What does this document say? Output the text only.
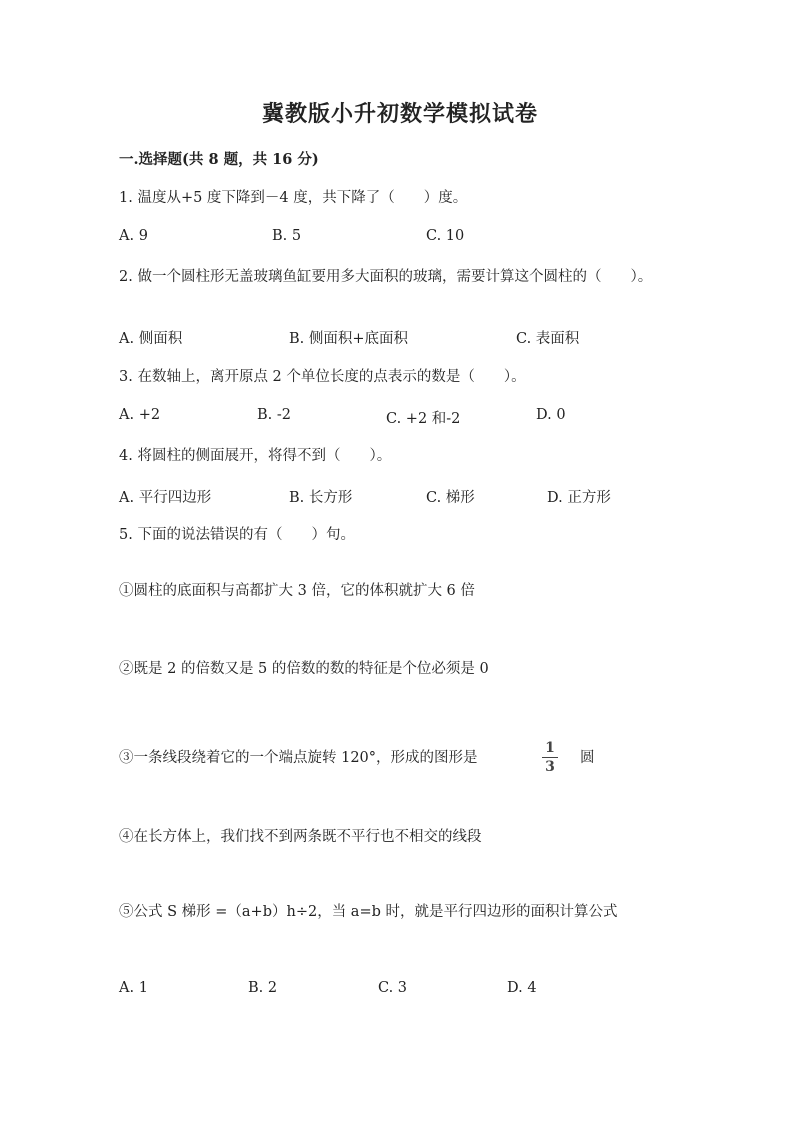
冀教版小升初数学模拟试卷
一.选择题(共 8 题，共 16 分)
1. 温度从+5 度下降到－4 度，共下降了（　　）度。
A. 9	B. 5	C. 10
2. 做一个圆柱形无盖玻璃鱼缸要用多大面积的玻璃，需要计算这个圆柱的（　　）。
A. 侧面积	B. 侧面积+底面积	C. 表面积
3. 在数轴上，离开原点 2 个单位长度的点表示的数是（　　）。
A. +2	B. -2	C. +2 和-2	D. 0
4. 将圆柱的侧面展开，将得不到（　　）。
A. 平行四边形	B. 长方形	C. 梯形	D. 正方形
5. 下面的说法错误的有（　　）句。
①圆柱的底面积与高都扩大 3 倍，它的体积就扩大 6 倍
②既是 2 的倍数又是 5 的倍数的数的特征是个位必须是 0
③一条线段绕着它的一个端点旋转 120°，形成的图形是
1
3
圆
④在长方体上，我们找不到两条既不平行也不相交的线段
⑤公式 S 梯形 =（a+b）h÷2，当 a=b 时，就是平行四边形的面积计算公式
A. 1	B. 2	C. 3	D. 4
